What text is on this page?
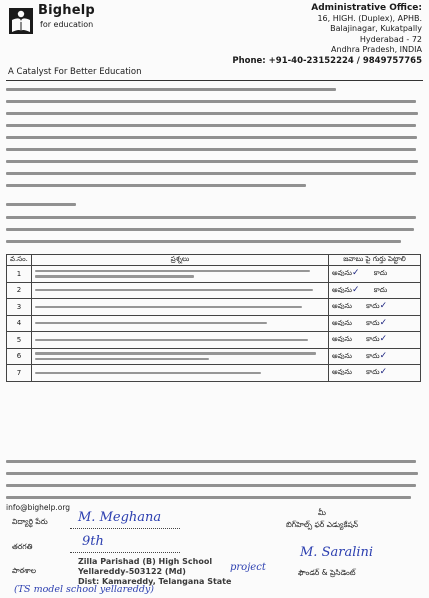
Bighelp
for education
A Catalyst For Better Education
Administrative Office:
16, HIGH. (Duplex), APHB.
Balajinagar, Kukatpally
Hyderabad - 72
Andhra Pradesh, INDIA
Phone: +91-40-23152224 / 9849757765
వ.సం.	ప్రశ్నలు	జవాబు పై గుర్తు పెట్టాలి
1		అవును✓ కాదు
2		అవును✓ కాదు
3		అవును కాదు✓
4		అవును కాదు✓
5		అవును కాదు✓
6		అవును కాదు✓
7		అవును కాదు✓
info@bighelp.org
విద్యార్థి పేరు M. Meghana
తరగతి	9th
పాఠశాల
Zilla Parishad (B) High School
Yellareddy-503122 (Md)
Dist: Kamareddy, Telangana State
project
(TS model school yellareddy)
మీ
బిగ్‌హెల్ప్ ఫర్ ఎడ్యుకేషన్
M. Saralini
ఫౌండర్ & ప్రెసిడెంట్
